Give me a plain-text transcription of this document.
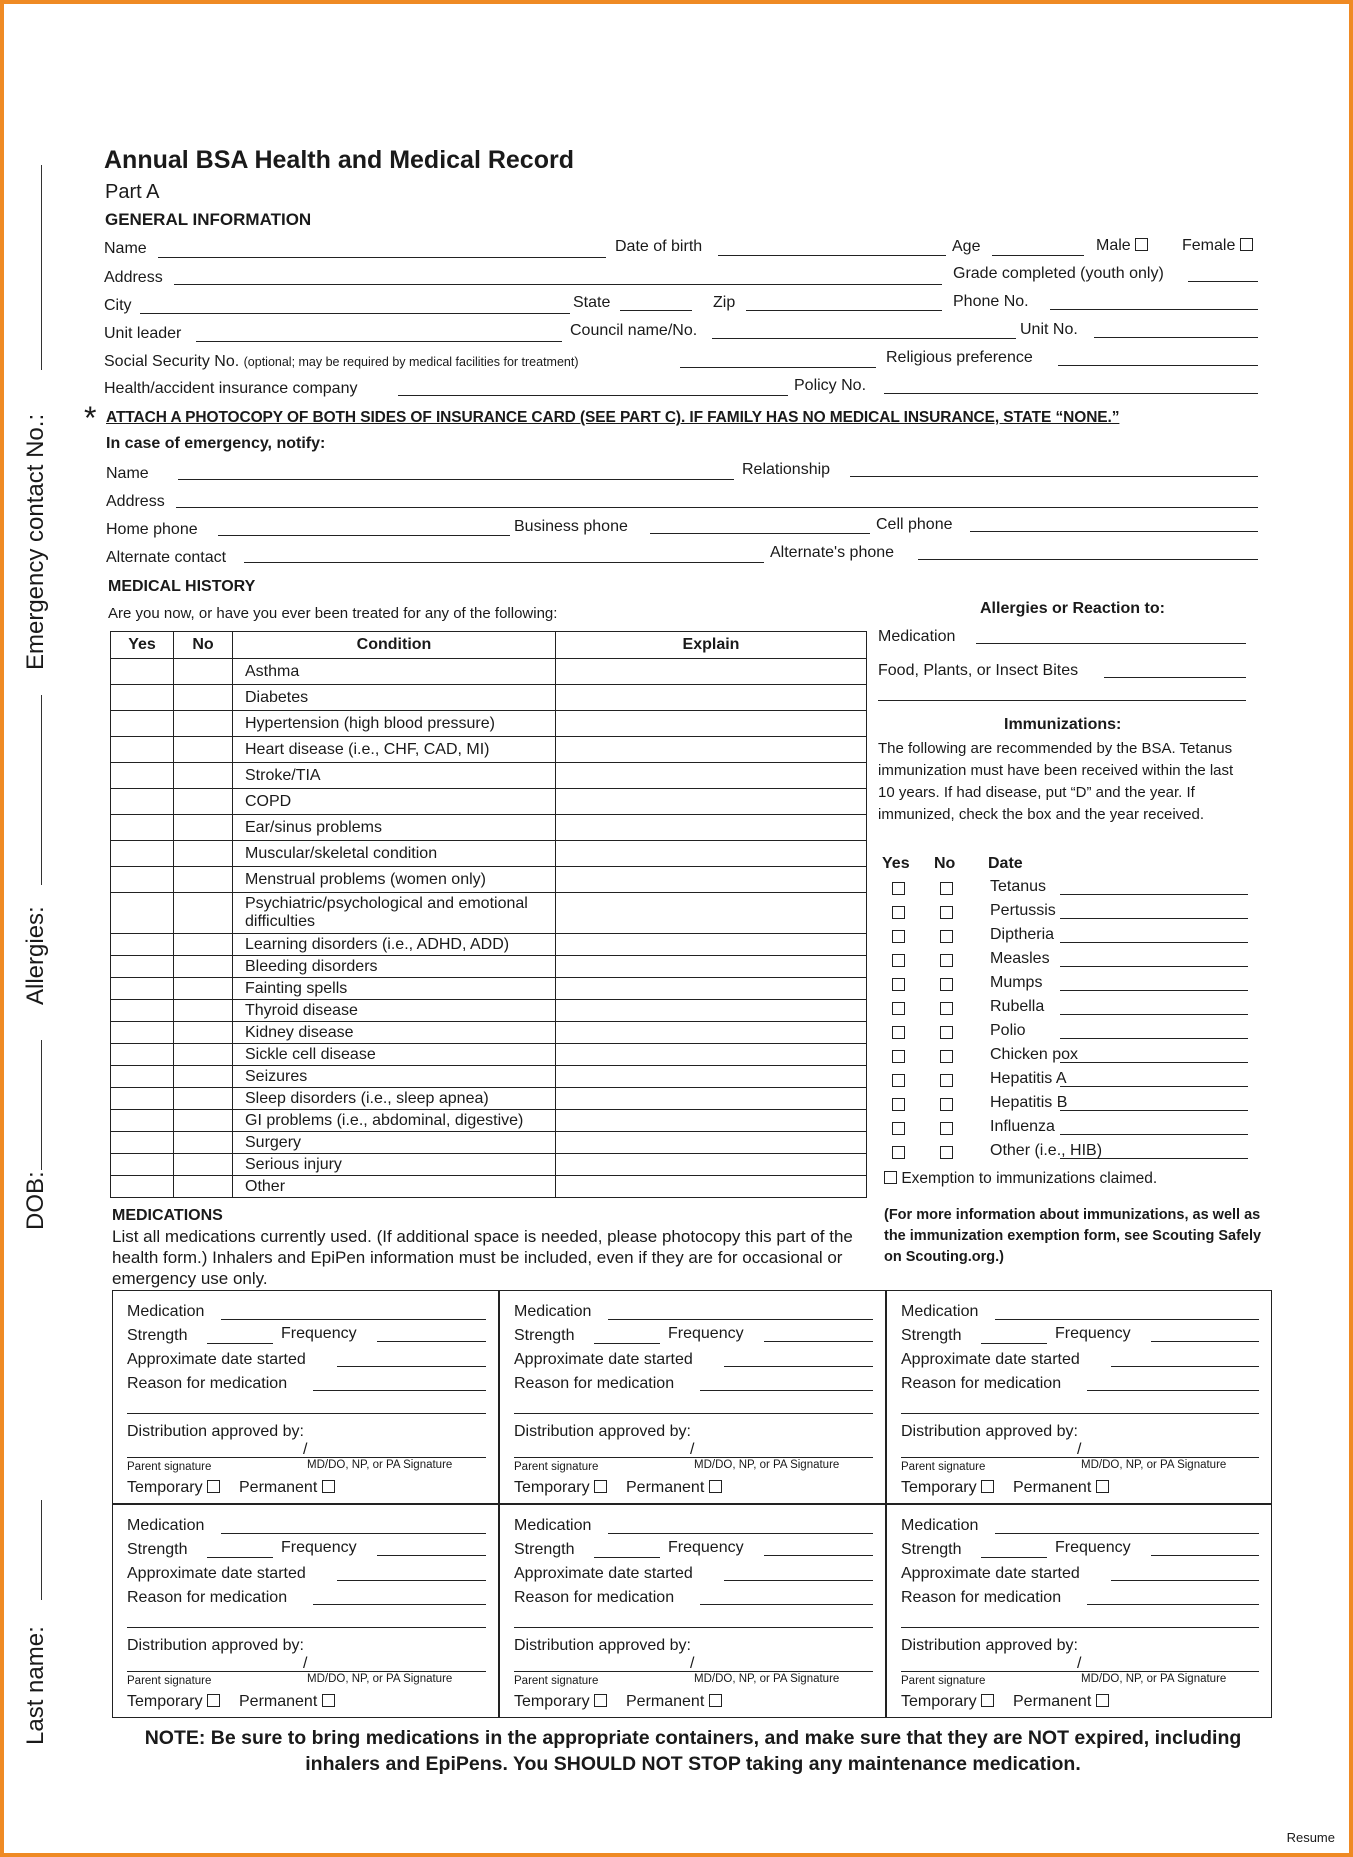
Last name:
DOB:
Allergies:
Emergency contact No.:
Annual BSA Health and Medical Record
Part A
GENERAL INFORMATION
Name	Date of birth	Age	Male	Female
Address	Grade completed (youth only)
City	State	Zip	Phone No.
Unit leader	Council name/No.	Unit No.
Social Security No. (optional; may be required by medical facilities for treatment)	Religious preference
Health/accident insurance company	Policy No.
* ATTACH A PHOTOCOPY OF BOTH SIDES OF INSURANCE CARD (SEE PART C). IF FAMILY HAS NO MEDICAL INSURANCE, STATE “NONE.”
In case of emergency, notify:
Name	Relationship
Address
Home phone	Business phone	Cell phone
Alternate contact	Alternate's phone
MEDICAL HISTORY
Are you now, or have you ever been treated for any of the following:
Yes	No	Condition	Explain
		Asthma	
		Diabetes	
		Hypertension (high blood pressure)	
		Heart disease (i.e., CHF, CAD, MI)	
		Stroke/TIA	
		COPD	
		Ear/sinus problems	
		Muscular/skeletal condition	
		Menstrual problems (women only)	
		Psychiatric/psychological and emotional difficulties	
		Learning disorders (i.e., ADHD, ADD)	
		Bleeding disorders	
		Fainting spells	
		Thyroid disease	
		Kidney disease	
		Sickle cell disease	
		Seizures	
		Sleep disorders (i.e., sleep apnea)	
		GI problems (i.e., abdominal, digestive)	
		Surgery	
		Serious injury	
		Other	
Allergies or Reaction to:
Medication
Food, Plants, or Insect Bites
Immunizations:
The following are recommended by the BSA. Tetanus immunization must have been received within the last 10 years. If had disease, put “D” and the year. If immunized, check the box and the year received.
Yes No Date
Tetanus
Pertussis
Diptheria
Measles
Mumps
Rubella
Polio
Chicken pox
Hepatitis A
Hepatitis B
Influenza
Other (i.e., HIB)
Exemption to immunizations claimed.
(For more information about immunizations, as well as the immunization exemption form, see Scouting Safely on Scouting.org.)
MEDICATIONS
List all medications currently used. (If additional space is needed, please photocopy this part of the health form.) Inhalers and EpiPen information must be included, even if they are for occasional or emergency use only.
Medication
Strength	Frequency
Approximate date started
Reason for medication
Distribution approved by:
/
Parent signature	MD/DO, NP, or PA Signature
Temporary	Permanent
Medication
Strength	Frequency
Approximate date started
Reason for medication
Distribution approved by:
/
Parent signature	MD/DO, NP, or PA Signature
Temporary	Permanent
Medication
Strength	Frequency
Approximate date started
Reason for medication
Distribution approved by:
/
Parent signature	MD/DO, NP, or PA Signature
Temporary	Permanent
Medication
Strength	Frequency
Approximate date started
Reason for medication
Distribution approved by:
/
Parent signature	MD/DO, NP, or PA Signature
Temporary	Permanent
Medication
Strength	Frequency
Approximate date started
Reason for medication
Distribution approved by:
/
Parent signature	MD/DO, NP, or PA Signature
Temporary	Permanent
Medication
Strength	Frequency
Approximate date started
Reason for medication
Distribution approved by:
/
Parent signature	MD/DO, NP, or PA Signature
Temporary	Permanent
NOTE: Be sure to bring medications in the appropriate containers, and make sure that they are NOT expired, including inhalers and EpiPens. You SHOULD NOT STOP taking any maintenance medication.
Resume
